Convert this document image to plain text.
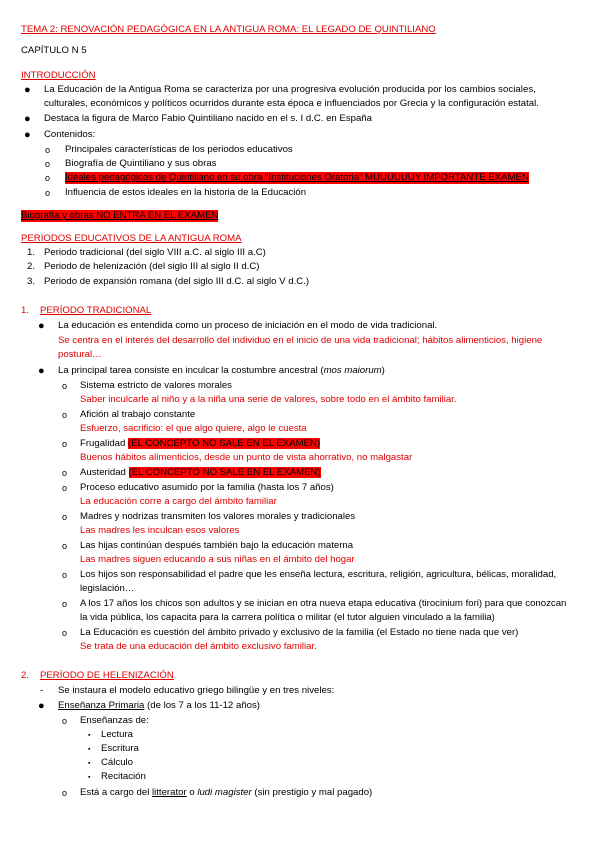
TEMA 2: RENOVACIÓN PEDAGÓGICA EN LA ANTIGUA ROMA: EL LEGADO DE QUINTILIANO
CAPÍTULO N 5
INTRODUCCIÓN
● La Educación de la Antigua Roma se caracteriza por una progresiva evolución producida por los cambios sociales,
culturales, económicos y políticos ocurridos durante esta época e influenciados por Grecia y la configuración estatal.
● Destaca la figura de Marco Fabio Quintiliano nacido en el s. I d.C. en España
● Contenidos:
o Principales características de los periodos educativos
o Biografía de Quintiliano y sus obras
o Ideales pedagógicos de Quintiliano en su obra "Instituciones Oratoria" MUUUUUUY IMPORTANTE EXAMEN
o Influencia de estos ideales en la historia de la Educación
Biografía y obras NO ENTRA EN EL EXAMEN
PERIODOS EDUCATIVOS DE LA ANTIGUA ROMA
1. Periodo tradicional (del siglo VIII a.C. al siglo III a.C)
2. Periodo de helenización (del siglo III al siglo II d.C)
3. Periodo de expansión romana (del siglo III d.C. al siglo V d.C.)
1. PERÍODO TRADICIONAL
● La educación es entendida como un proceso de iniciación en el modo de vida tradicional.
Se centra en el interés del desarrollo del individuo en el inicio de una vida tradicional; hábitos alimenticios, higiene
postural…
● La principal tarea consiste en inculcar la costumbre ancestral (mos maiorum)
o Sistema estricto de valores morales
Saber inculcarle al niño y a la niña una serie de valores, sobre todo en el ámbito familiar.
o Afición al trabajo constante
Esfuerzo, sacrificio: el que algo quiere, algo le cuesta
o Frugalidad (EL CONCEPTO NO SALE EN EL EXAMEN)
Buenos hábitos alimenticios, desde un punto de vista ahorrativo, no malgastar
o Austeridad (EL CONCEPTO NO SALE EN EL EXAMEN)
o Proceso educativo asumido por la familia (hasta los 7 años)
La educación corre a cargo del ámbito familiar
o Madres y nodrizas transmiten los valores morales y tradicionales
Las madres les inculcan esos valores
o Las hijas continúan después también bajo la educación materna
Las madres siguen educando a sus niñas en el ámbito del hogar
o Los hijos son responsabilidad el padre que les enseña lectura, escritura, religión, agricultura, bélicas, moralidad,
legislación…
o A los 17 años los chicos son adultos y se inician en otra nueva etapa educativa (tirocinium fori) para que conozcan
la vida pública, los capacita para la carrera política o militar (el tutor alguien vinculado a la familia)
o La Educación es cuestión del ámbito privado y exclusivo de la familia (el Estado no tiene nada que ver)
Se trata de una educación del ámbito exclusivo familiar.
2. PERÍODO DE HELENIZACIÓN
- Se instaura el modelo educativo griego bilingüe y en tres niveles:
● Enseñanza Primaria (de los 7 a los 11-12 años)
o Enseñanzas de:
▪ Lectura
▪ Escritura
▪ Cálculo
▪ Recitación
o Está a cargo del litterator o ludi magister (sin prestigio y mal pagado)
